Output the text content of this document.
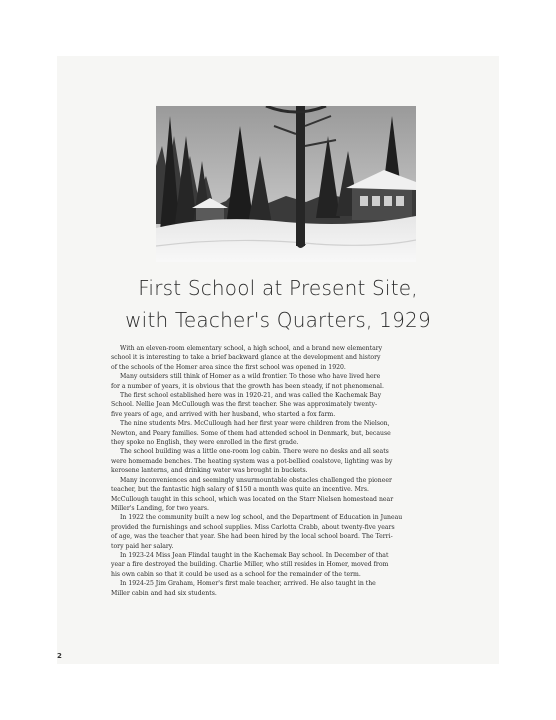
First School at Present Site,
with Teacher's Quarters, 1929
With an eleven-room elementary school, a high school, and a brand new elementary
school it is interesting to take a brief backward glance at the development and history
of the schools of the Homer area since the first school was opened in 1920.
Many outsiders still think of Homer as a wild frontier. To those who have lived here
for a number of years, it is obvious that the growth has been steady, if not phenomenal.
The first school established here was in 1920-21, and was called the Kachemak Bay
School. Nellie Jean McCullough was the first teacher. She was approximately twenty-
five years of age, and arrived with her husband, who started a fox farm.
The nine students Mrs. McCullough had her first year were children from the Nielson,
Newton, and Peary families. Some of them had attended school in Denmark, but, because
they spoke no English, they were enrolled in the first grade.
The school building was a little one-room log cabin. There were no desks and all seats
were homemade benches. The heating system was a pot-bellied coalstove, lighting was by
kerosene lanterns, and drinking water was brought in buckets.
Many inconveniences and seemingly unsurmountable obstacles challenged the pioneer
teacher, but the fantastic high salary of $150 a month was quite an incentive. Mrs.
McCullough taught in this school, which was located on the Starr Nielsen homestead near
Miller's Landing, for two years.
In 1922 the community built a new log school, and the Department of Education in Juneau
provided the furnishings and school supplies. Miss Carlotta Crabb, about twenty-five years
of age, was the teacher that year. She had been hired by the local school board. The Terri-
tory paid her salary.
In 1923-24 Miss Jean Flindal taught in the Kachemak Bay school. In December of that
year a fire destroyed the building. Charlie Miller, who still resides in Homer, moved from
his own cabin so that it could be used as a school for the remainder of the term.
In 1924-25 Jim Graham, Homer's first male teacher, arrived. He also taught in the
Miller cabin and had six students.
2
